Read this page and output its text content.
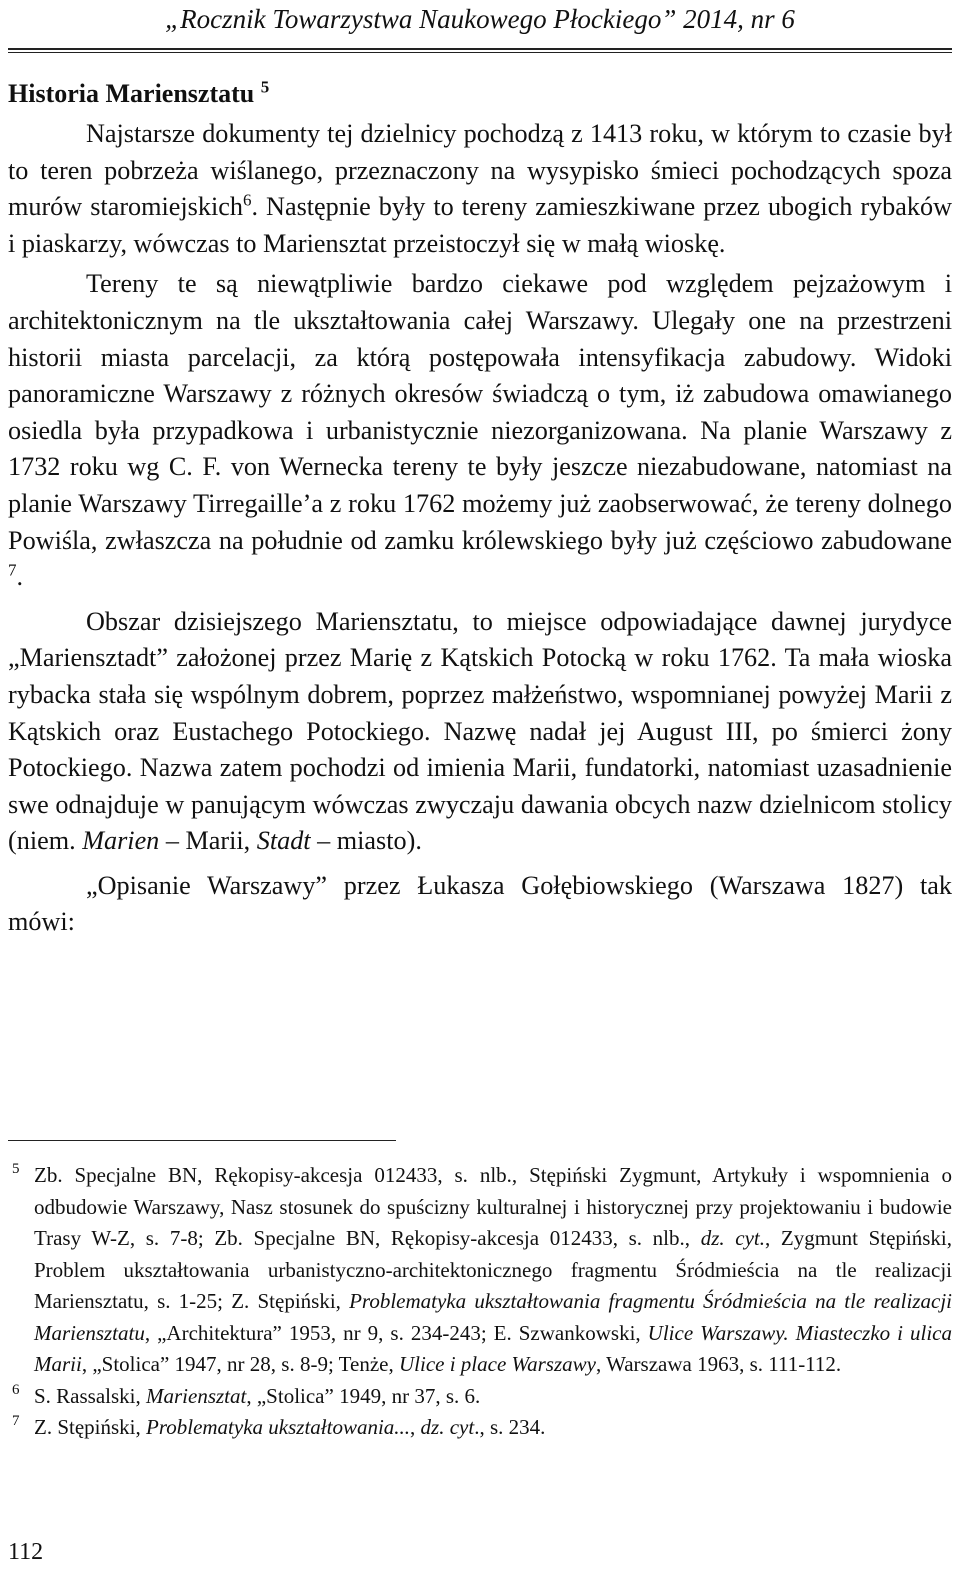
„Rocznik Towarzystwa Naukowego Płockiego” 2014, nr 6
Historia Mariensztatu $^5$

Najstarsze dokumenty tej dzielnicy pochodzą z 1413 roku, w którym to czasie był to teren pobrzeża wiślanego, przeznaczony na wysypisko śmieci pochodzących spoza murów staromiejskich$^6$. Następnie były to tereny zamieszkiwane przez ubogich rybaków i piaskarzy, wówczas to Mariensztat przeistoczył się w małą wioskę.

Tereny te są niewątpliwie bardzo ciekawe pod względem pejzażowym i architektonicznym na tle ukształtowania całej Warszawy. Ulegały one na przestrzeni historii miasta parcelacji, za którą postępowała intensyfikacja zabudowy. Widoki panoramiczne Warszawy z różnych okresów świadczą o tym, iż zabudowa omawianego osiedla była przypadkowa i urbanistycznie niezorganizowana. Na planie Warszawy z 1732 roku wg C. F. von Wernecka tereny te były jeszcze niezabudowane, natomiast na planie Warszawy Tirregaille’a z roku 1762 możemy już zaobserwować, że tereny dolnego Powiśla, zwłaszcza na południe od zamku królewskiego były już częściowo zabudowane $^7$.

Obszar dzisiejszego Mariensztatu, to miejsce odpowiadające dawnej jurydyce „Mariensztadt” założonej przez Marię z Kątskich Potocką w roku 1762. Ta mała wioska rybacka stała się wspólnym dobrem, poprzez małżeństwo, wspomnianej powyżej Marii z Kątskich oraz Eustachego Potockiego. Nazwę nadał jej August III, po śmierci żony Potockiego. Nazwa zatem pochodzi od imienia Marii, fundatorki, natomiast uzasadnienie swe odnajduje w panującym wówczas zwyczaju dawania obcych nazw dzielnicom stolicy (niem. Marien – Marii, Stadt – miasto).

„Opisanie Warszawy” przez Łukasza Gołębiowskiego (Warszawa 1827) tak mówi:

5 Zb. Specjalne BN, Rękopisy-akcesja 012433, s. nlb., Stępiński Zygmunt, Artykuły i wspomnienia o odbudowie Warszawy, Nasz stosunek do spuścizny kulturalnej i historycznej przy projektowaniu i budowie Trasy W-Z, s. 7-8; Zb. Specjalne BN, Rękopisy-akcesja 012433, s. nlb., dz. cyt., Zygmunt Stępiński, Problem ukształtowania urbanistyczno-architektonicznego fragmentu Śródmieścia na tle realizacji Mariensztatu, s. 1-25; Z. Stępiński, Problematyka ukształtowania fragmentu Śródmieścia na tle realizacji Mariensztatu, „Architektura” 1953, nr 9, s. 234-243; E. Szwankowski, Ulice Warszawy. Miasteczko i ulica Marii, „Stolica” 1947, nr 28, s. 8-9; Tenże, Ulice i place Warszawy, Warszawa 1963, s. 111-112.

6 S. Rassalski, Mariensztat, „Stolica” 1949, nr 37, s. 6.

7 Z. Stępiński, Problematyka ukształtowania..., dz. cyt., s. 234.

112
